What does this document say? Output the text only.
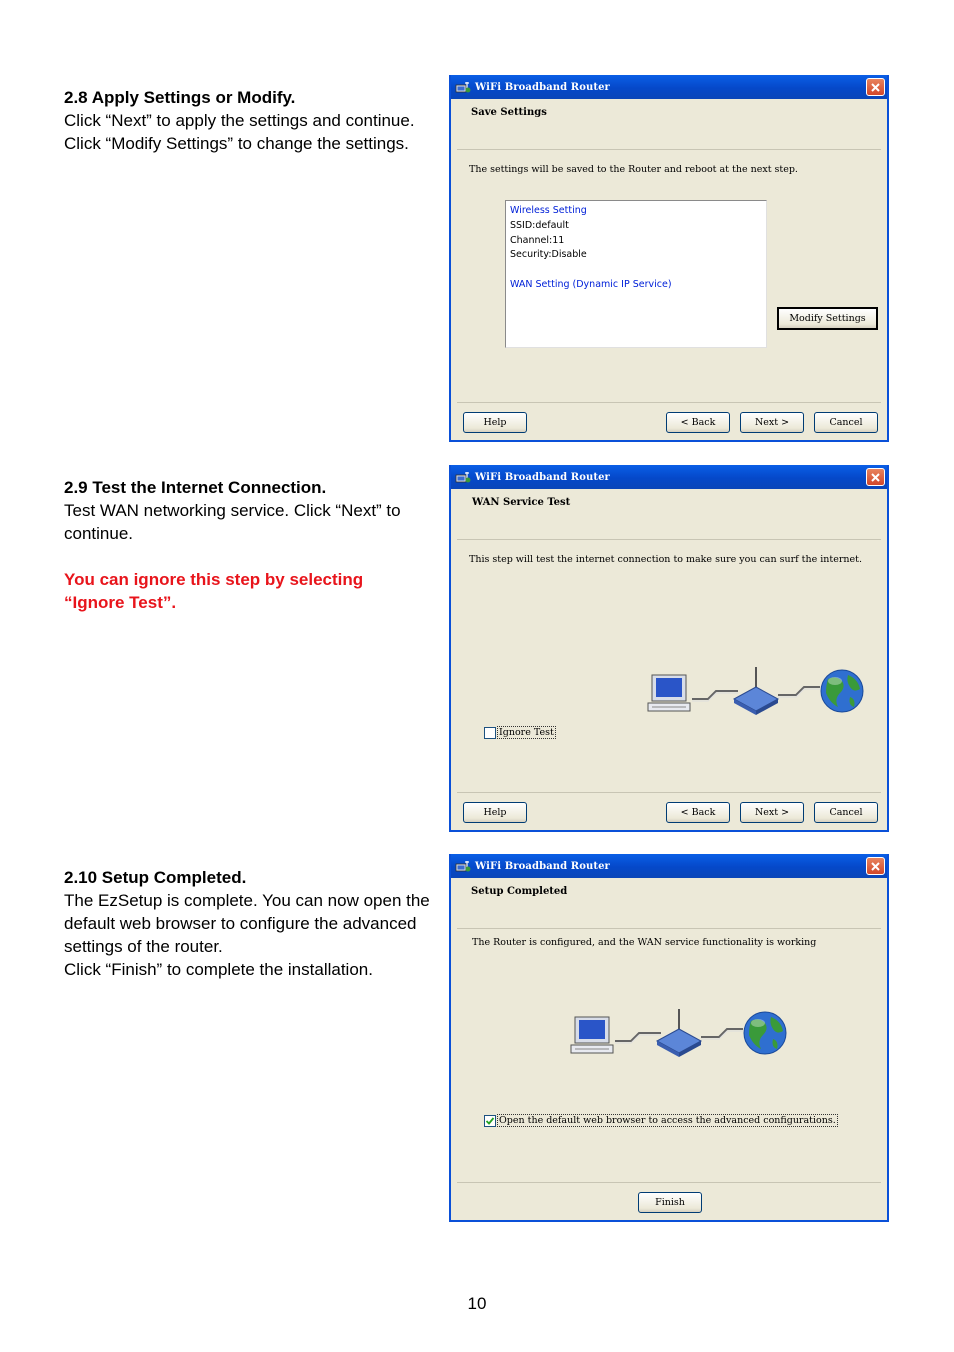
2.8 Apply Settings or Modify.
Click “Next” to apply the settings and continue.
Click “Modify Settings” to change the settings.
2.9 Test the Internet Connection.
Test WAN networking service. Click “Next” to continue.
You can ignore this step by selecting “Ignore Test”.
2.10 Setup Completed.
The EzSetup is complete. You can now open the default web browser to configure the advanced settings of the router.
Click “Finish” to complete the installation.
WiFi Broadband Router
Save Settings
The settings will be saved to the Router and reboot at the next step.
Wireless Setting
SSID:default
Channel:11
Security:Disable
WAN Setting (Dynamic IP Service)
Modify Settings
Help	< Back	Next >	Cancel
WiFi Broadband Router
WAN Service Test
This step will test the internet connection to make sure you can surf the internet.
Ignore Test
Help	< Back	Next >	Cancel
WiFi Broadband Router
Setup Completed
The Router is configured, and the WAN service functionality is working
Open the default web browser to access the advanced configurations.
Finish
10
